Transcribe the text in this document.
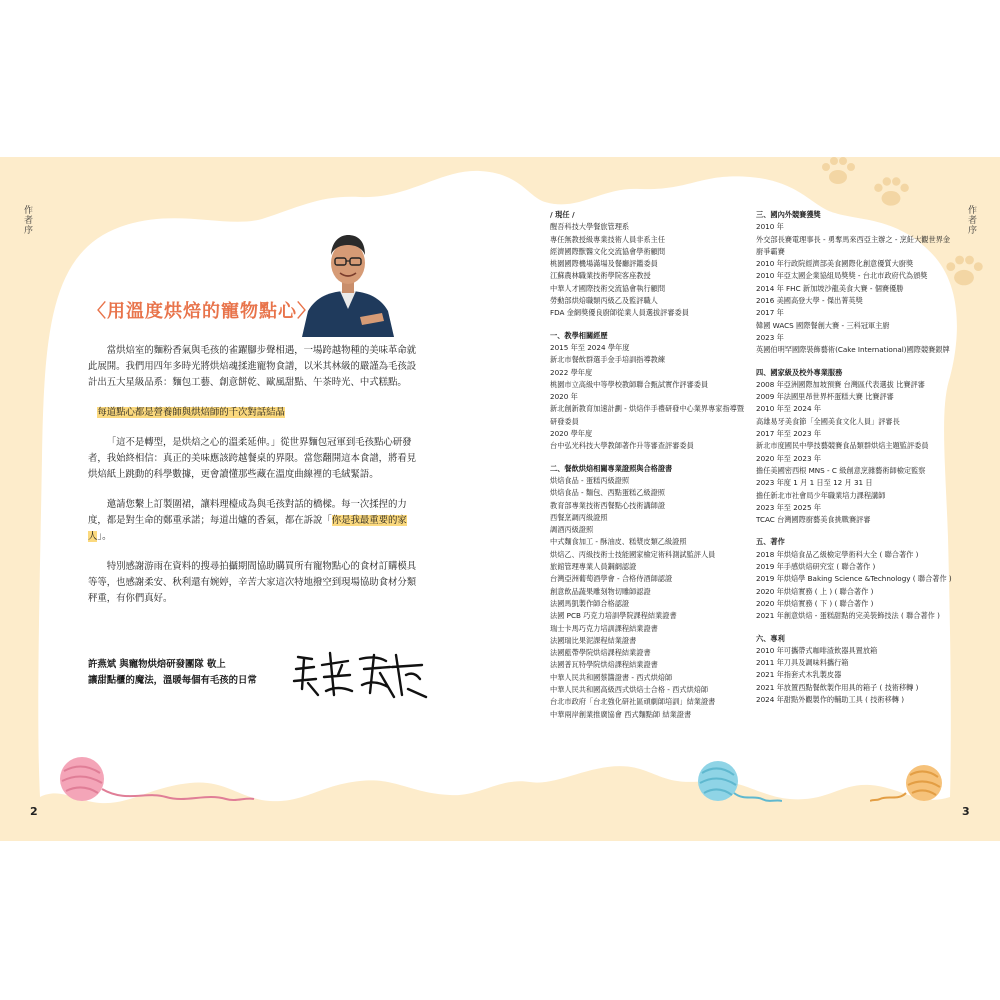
作者序	作者序
〈用溫度烘焙的寵物點心〉

當烘焙室的麵粉香氣與毛孩的雀躍腳步聲相遇，一場跨越物種的美味革命就此展開。我們用四年多時光將烘焙魂揉進寵物食譜，以米其林級的嚴謹為毛孩設計出五大星級品系：麵包工藝、創意餅乾、歐風甜點、午茶時光、中式糕點。

每道點心都是營養師與烘焙師的千次對話結晶

「這不是轉型，是烘焙之心的溫柔延伸。」從世界麵包冠軍到毛孩點心研發者，我始終相信：真正的美味應該跨越餐桌的界限。當您翻開這本食譜，將看見烘焙紙上跳動的科學數據，更會讀懂那些藏在溫度曲線裡的毛絨緊語。

邀請您繫上訂製圍裙，讓料理檯成為與毛孩對話的橋樑。每一次揉捏的力度，都是對生命的鄭重承諾；每道出爐的香氣，都在訴說「你是我最重要的家人」。

特別感謝游雨在資料的搜尋拍攝期間協助購買所有寵物點心的食材訂購模具等等，也感謝柔安、秋利還有婉婷，辛苦大家這次特地撥空到現場協助食材分類秤重，有你們真好。

許燕斌 與寵物烘焙研發團隊 敬上
讓甜點櫃的魔法，溫暖每個有毛孩的日常
/ 現任 /
醒吾科技大學餐旅管理系
專任無教授級專業技術人員非系主任
經濟國際獸醫文化交流協會學術顧問
桃園國際機場滿場及餐廳評鑑委員
江蘇農林職業技術學院客座教授
中華人才國際技術交流協會執行顧問
勞動部烘焙職類丙級乙及監評職人
FDA 金網獎優良廚師從業人員選拔評審委員
一、教學相關經歷
2015 年至 2024 學年度
新北市餐飲群選手金手培訓指導教練
2022 學年度
桃園市立高級中等學校教師聯合甄試實作評審委員
2020 年
新北創新教育加速計劃 - 烘焙伴手禮研發中心業界專家指導暨研發委員
2020 學年度
台中弘光科技大學教師著作升等審查評審委員
二、餐飲烘焙相關專業證照與合格證書
烘焙食品 - 蛋糕丙級證照
烘焙食品 - 麵包、西點蛋糕乙級證照
教育部專業技術西餐點心技術講師證
西餐烹調丙級證照
調酒丙級證照
中式麵食加工 - 酥油皮、糕漿皮類乙級證照
烘焙乙、丙級技術士技能國家檢定術科測試監評人員
旅館管理專業人員鋼網認證
台灣亞洲葡萄酒學會 - 合格侍酒師認證
創意飲品蔬果雕刻物切雕師認證
法國馬凱製作師合格認證
法國 PCB 巧克力培訓學院課程結業證書
瑞士卡馬巧克力培訓課程結業證書
法國瑞比果泥課程結業證書
法國藍帶學院烘焙課程結業證書
法國普瓦特學院烘焙課程結業證書
中華人民共和國蔡醬證書 - 西式烘焙師
中華人民共和國高級西式烘焙士合格 - 西式烘焙師
台北市政府「台北強化研社區頑劇師培訓」結業證書
中華兩岸創業推廣協會 西式麵點師 結業證書
三、國內外競賽獲獎
2010 年
外交部長賽電理事長 - 勇奪馬來西亞主辦之 - 烹飪大觀世界金廚爭霸賽
2010 年行政院經濟部美食國際化創意優質大廚獎
2010 年亞太國企業協組局獎獎 - 台北市政府代為頒獎
2014 年 FHC 新加坡沙龍美食大賽 - 個賽優勝
2016 美國高登大學 - 傑出菁英獎
2017 年
韓國 WACS 國際餐創大賽 - 三科冠軍主廚
2023 年
英國伯明罕國際裝飾藝術(Cake International)國際競賽銀牌
四、國家級及校外專業服務
2008 年亞洲國際加坡預賽 台灣區代表選拔 比賽評審
2009 年法國里昂世界杯蛋糕大賽 比賽評審
2010 年至 2024 年
高雄易牙美食節「全國美食文化人員」評審長
2017 年至 2023 年
新北市度國民中學技藝競賽食品類群烘焙主題監評委員
2020 年至 2023 年
擔任美國密西根 MNS - C 級創意烹雜藝術師檢定監察
2023 年度 1 月 1 日至 12 月 31 日
擔任新北市社會局少年職業培力課程講師
2023 年至 2025 年
TCAC 台灣國際廚藝美食挑戰賽評審
五、著作
2018 年烘焙食品乙級檢定學術科大全 ( 聯合著作 )
2019 年手感烘焙研究室 ( 聯合著作 )
2019 年烘焙學 Baking Science &Technology ( 聯合著作 )
2020 年烘焙實務 ( 上 ) ( 聯合著作 )
2020 年烘焙實務 ( 下 ) ( 聯合著作 )
2021 年創意烘焙 - 蛋糕甜點的完美裝飾技法 ( 聯合著作 )
六、專利
2010 年可攜帶式咖啡渣飲器具置放箱
2011 年刀具及調味料攜行箱
2021 年指套式木乳製皮器
2021 年放置西點餐飲製作用具的箱子 ( 技術移轉 )
2024 年甜點外觀製作的輔助工具 ( 技術移轉 )
2	3
